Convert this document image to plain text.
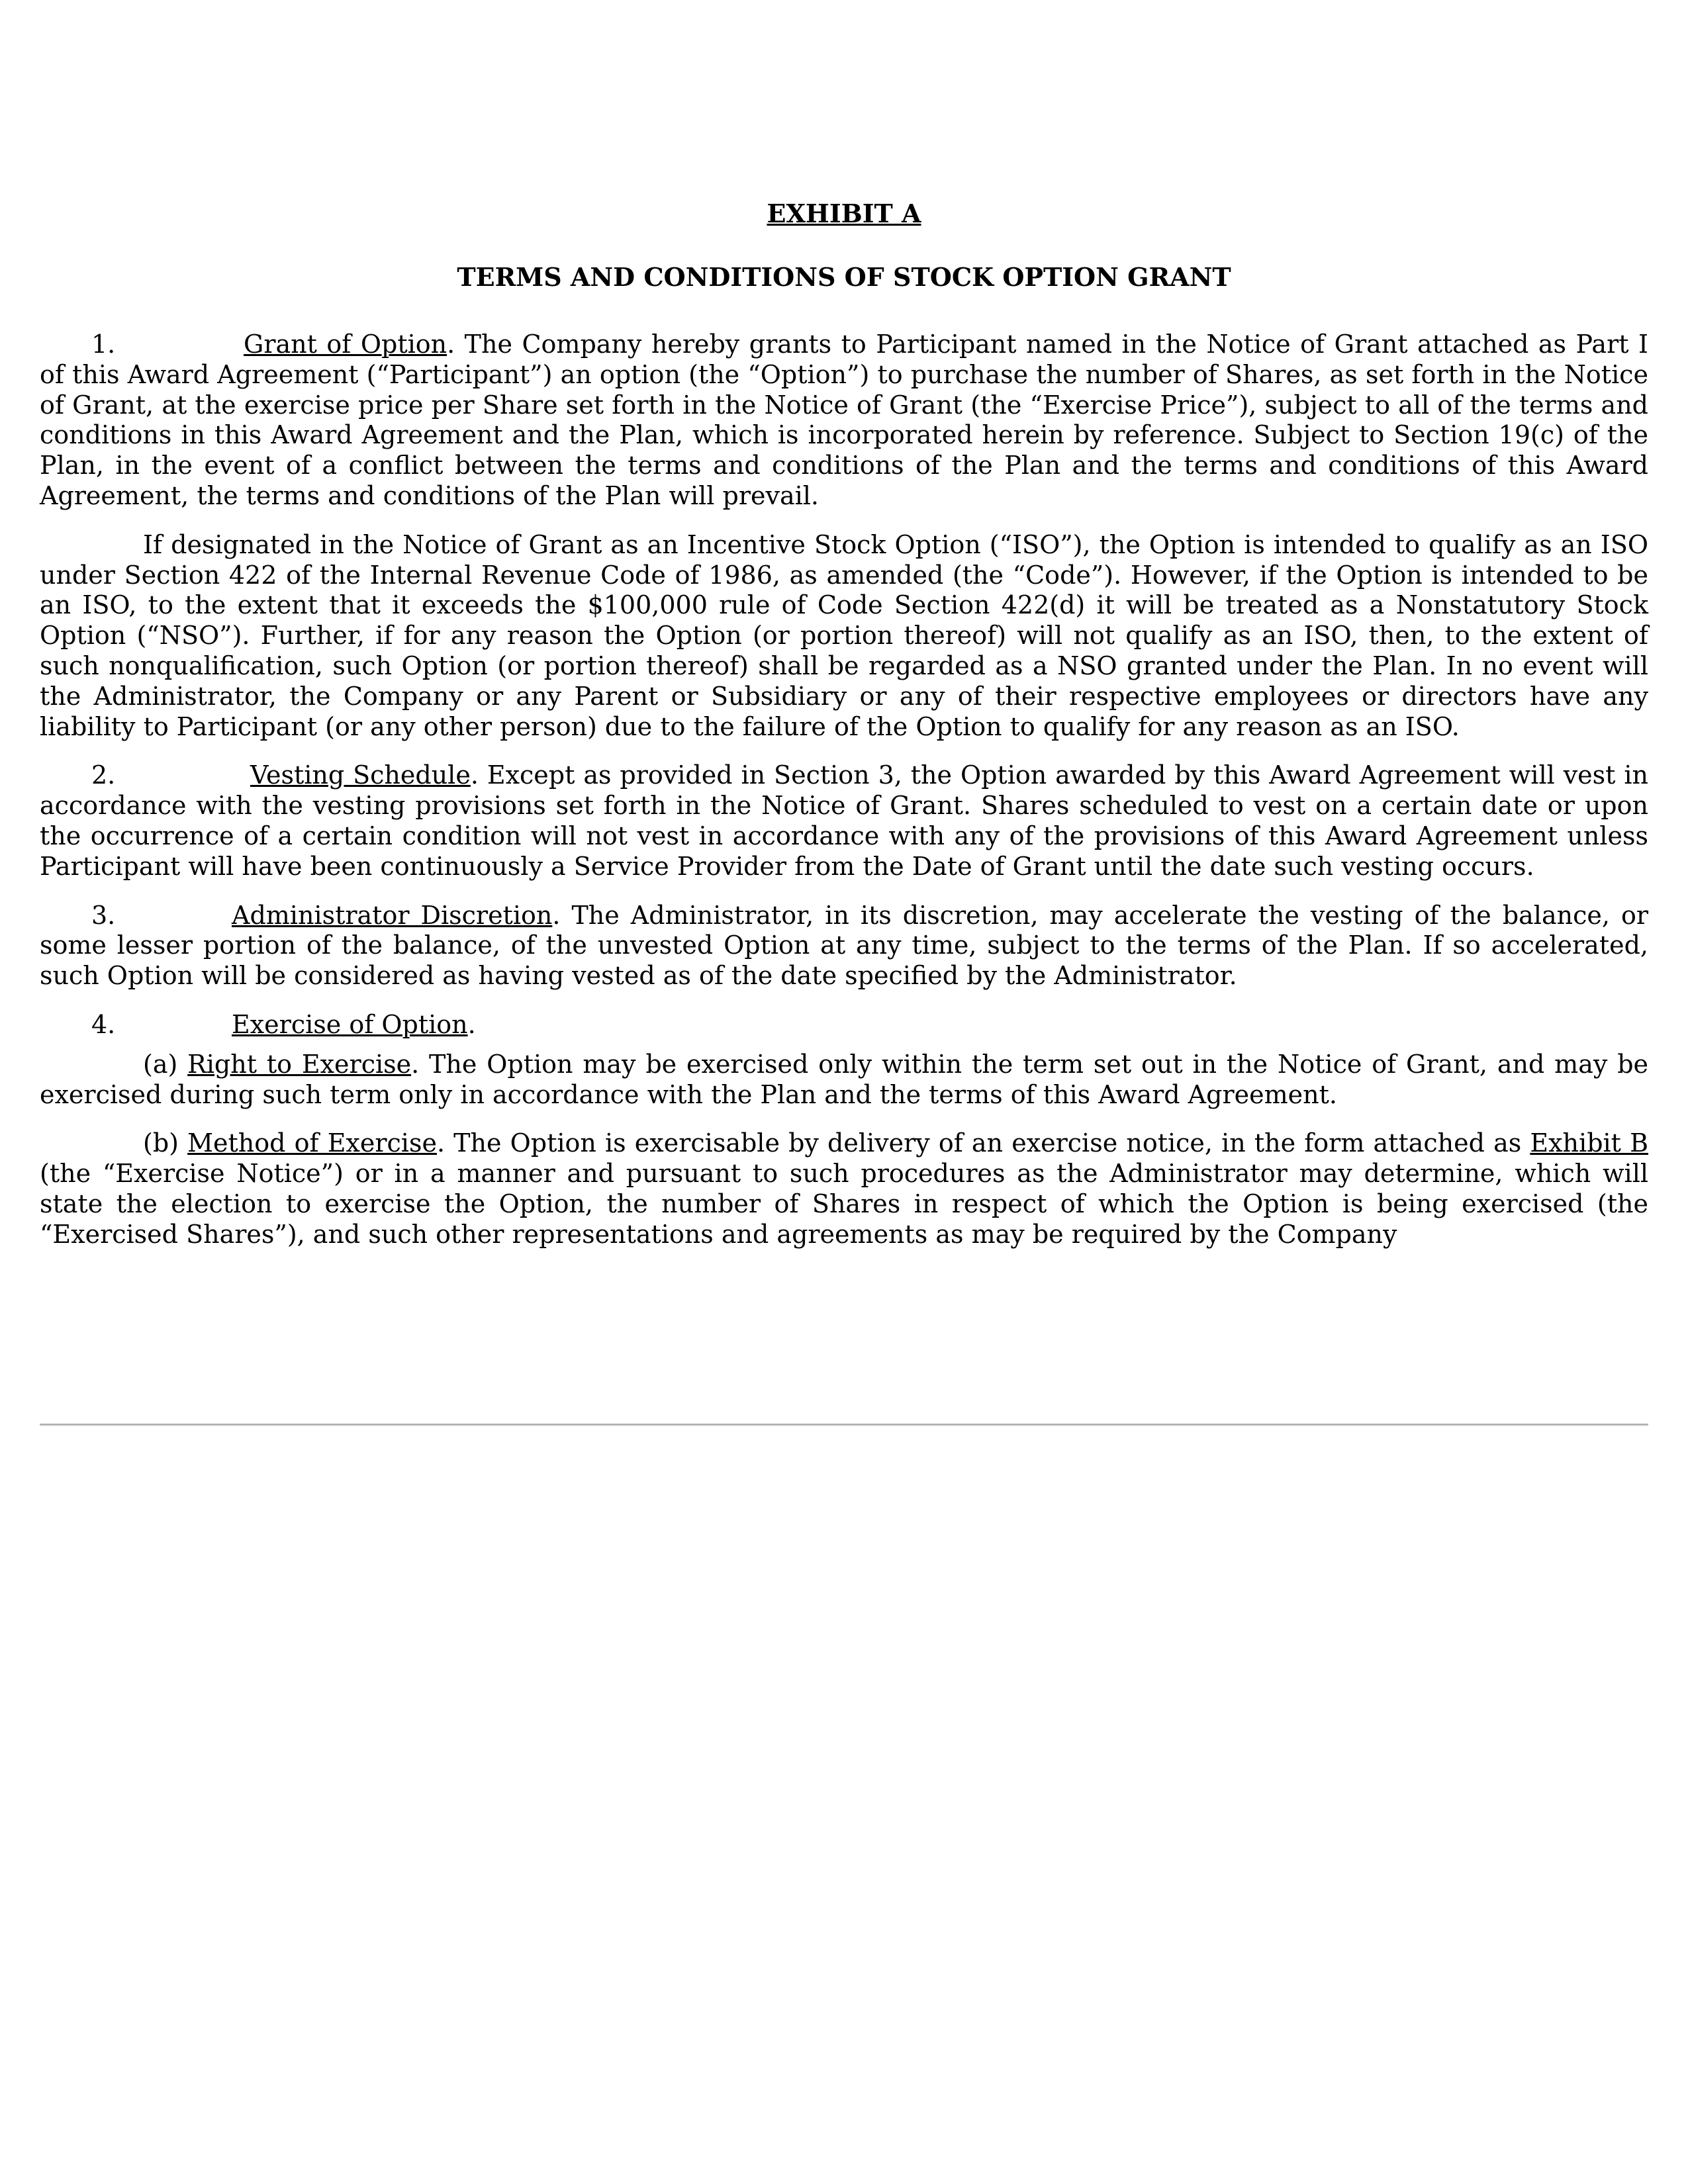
EXHIBIT A
TERMS AND CONDITIONS OF STOCK OPTION GRANT

1.	Grant of Option. The Company hereby grants to Participant named in the Notice of Grant attached as Part I of this Award Agreement (“Participant”) an option (the “Option”) to purchase the number of Shares, as set forth in the Notice of Grant, at the exercise price per Share set forth in the Notice of Grant (the “Exercise Price”), subject to all of the terms and conditions in this Award Agreement and the Plan, which is incorporated herein by reference. Subject to Section 19(c) of the Plan, in the event of a conflict between the terms and conditions of the Plan and the terms and conditions of this Award Agreement, the terms and conditions of the Plan will prevail.

If designated in the Notice of Grant as an Incentive Stock Option (“ISO”), the Option is intended to qualify as an ISO under Section 422 of the Internal Revenue Code of 1986, as amended (the “Code”). However, if the Option is intended to be an ISO, to the extent that it exceeds the $100,000 rule of Code Section 422(d) it will be treated as a Nonstatutory Stock Option (“NSO”). Further, if for any reason the Option (or portion thereof) will not qualify as an ISO, then, to the extent of such nonqualification, such Option (or portion thereof) shall be regarded as a NSO granted under the Plan. In no event will the Administrator, the Company or any Parent or Subsidiary or any of their respective employees or directors have any liability to Participant (or any other person) due to the failure of the Option to qualify for any reason as an ISO.

2.	Vesting Schedule. Except as provided in Section 3, the Option awarded by this Award Agreement will vest in accordance with the vesting provisions set forth in the Notice of Grant. Shares scheduled to vest on a certain date or upon the occurrence of a certain condition will not vest in accordance with any of the provisions of this Award Agreement unless Participant will have been continuously a Service Provider from the Date of Grant until the date such vesting occurs.

3.	Administrator Discretion. The Administrator, in its discretion, may accelerate the vesting of the balance, or some lesser portion of the balance, of the unvested Option at any time, subject to the terms of the Plan. If so accelerated, such Option will be considered as having vested as of the date specified by the Administrator.

4.	Exercise of Option.

(a) Right to Exercise. The Option may be exercised only within the term set out in the Notice of Grant, and may be exercised during such term only in accordance with the Plan and the terms of this Award Agreement.

(b) Method of Exercise. The Option is exercisable by delivery of an exercise notice, in the form attached as Exhibit B (the “Exercise Notice”) or in a manner and pursuant to such procedures as the Administrator may determine, which will state the election to exercise the Option, the number of Shares in respect of which the Option is being exercised (the “Exercised Shares”), and such other representations and agreements as may be required by the Company
